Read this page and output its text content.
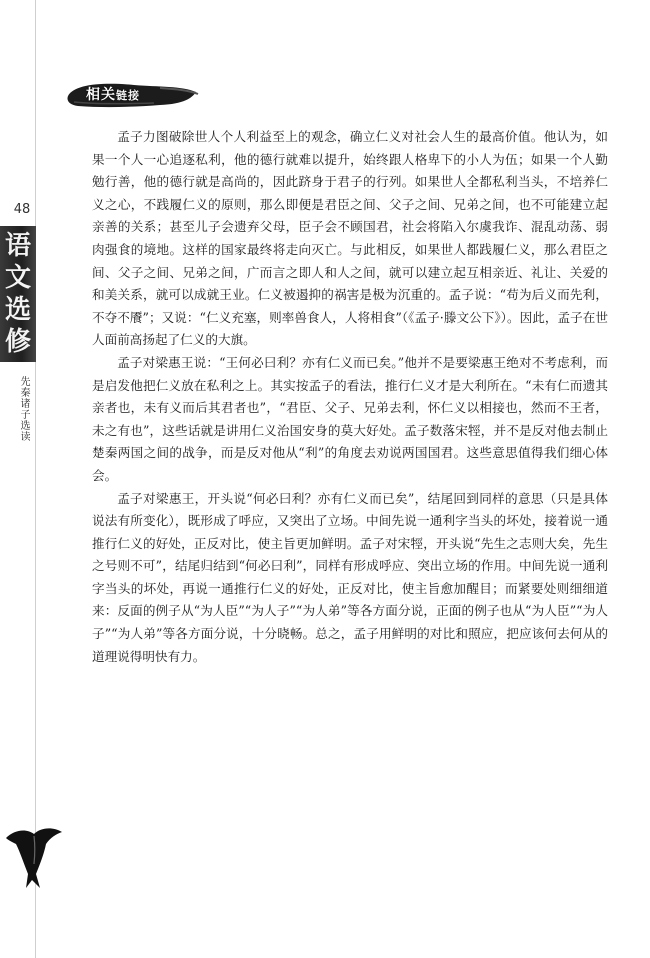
48
语
文
选
修
先秦诸子选读
相关链接

孟子力图破除世人个人利益至上的观念，确立仁义对社会人生的最高价值。他认为，如果一个人一心追逐私利，他的德行就难以提升，始终跟人格卑下的小人为伍；如果一个人勤勉行善，他的德行就是高尚的，因此跻身于君子的行列。如果世人全都私利当头，不培养仁义之心，不践履仁义的原则，那么即便是君臣之间、父子之间、兄弟之间，也不可能建立起亲善的关系；甚至儿子会遗弃父母，臣子会不顾国君，社会将陷入尔虞我诈、混乱动荡、弱肉强食的境地。这样的国家最终将走向灭亡。与此相反，如果世人都践履仁义，那么君臣之间、父子之间、兄弟之间，广而言之即人和人之间，就可以建立起互相亲近、礼让、关爱的和美关系，就可以成就王业。仁义被遏抑的祸害是极为沉重的。孟子说：“苟为后义而先利，不夺不餍”；又说：“仁义充塞，则率兽食人，人将相食”（《孟子·滕文公下》）。因此，孟子在世人面前高扬起了仁义的大旗。

孟子对梁惠王说：“王何必曰利？亦有仁义而已矣。”他并不是要梁惠王绝对不考虑利，而是启发他把仁义放在私利之上。其实按孟子的看法，推行仁义才是大利所在。“未有仁而遗其亲者也，未有义而后其君者也”，“君臣、父子、兄弟去利，怀仁义以相接也，然而不王者，未之有也”，这些话就是讲用仁义治国安身的莫大好处。孟子数落宋牼，并不是反对他去制止楚秦两国之间的战争，而是反对他从“利”的角度去劝说两国国君。这些意思值得我们细心体会。

孟子对梁惠王，开头说“何必曰利？亦有仁义而已矣”，结尾回到同样的意思（只是具体说法有所变化），既形成了呼应，又突出了立场。中间先说一通利字当头的坏处，接着说一通推行仁义的好处，正反对比，使主旨更加鲜明。孟子对宋牼，开头说“先生之志则大矣，先生之号则不可”，结尾归结到“何必曰利”，同样有形成呼应、突出立场的作用。中间先说一通利字当头的坏处，再说一通推行仁义的好处，正反对比，使主旨愈加醒目；而紧要处则细细道来：反面的例子从“为人臣”“为人子”“为人弟”等各方面分说，正面的例子也从“为人臣”“为人子”“为人弟”等各方面分说，十分晓畅。总之，孟子用鲜明的对比和照应，把应该何去何从的道理说得明快有力。
